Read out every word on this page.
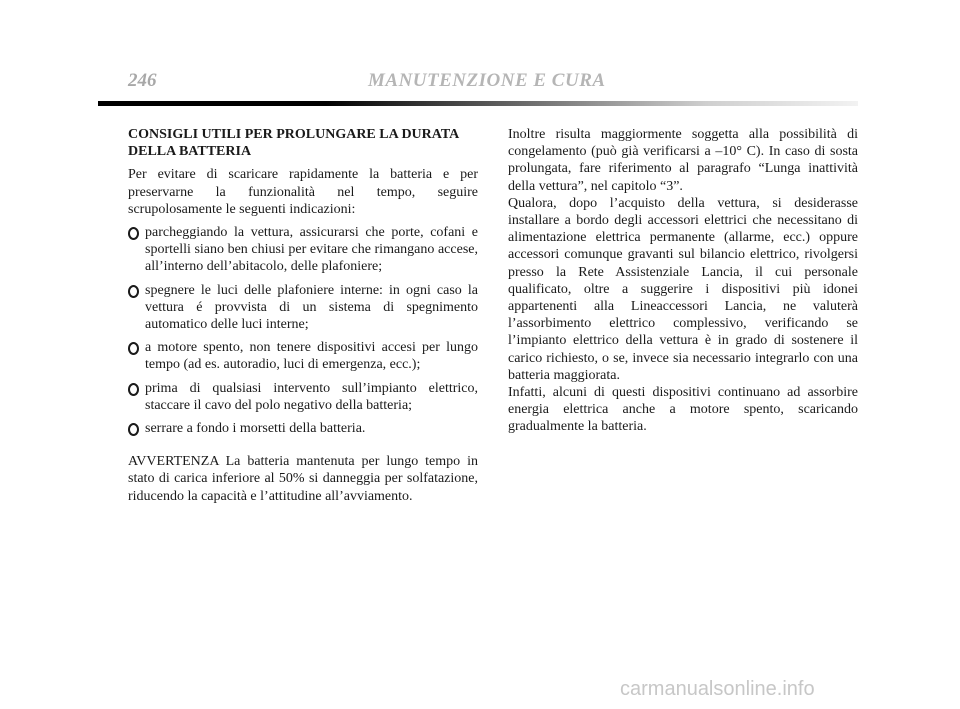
246	MANUTENZIONE E CURA
CONSIGLI UTILI PER PROLUNGARE LA DURATA DELLA BATTERIA

Per evitare di scaricare rapidamente la batteria e per preservarne la funzionalità nel tempo, seguire scrupolosamente le seguenti indicazioni:

parcheggiando la vettura, assicurarsi che porte, cofani e sportelli siano ben chiusi per evitare che rimangano accese, all’interno dell’abitacolo, delle plafoniere;
spegnere le luci delle plafoniere interne: in ogni caso la vettura é provvista di un sistema di spegnimento automatico delle luci interne;
a motore spento, non tenere dispositivi accesi per lungo tempo (ad es. autoradio, luci di emergenza, ecc.);
prima di qualsiasi intervento sull’impianto elettrico, staccare il cavo del polo negativo della batteria;
serrare a fondo i morsetti della batteria.

AVVERTENZA La batteria mantenuta per lungo tempo in stato di carica inferiore al 50% si danneggia per solfatazione, riducendo la capacità e l’attitudine all’avviamento.

Inoltre risulta maggiormente soggetta alla possibilità di congelamento (può già verificarsi a –10° C). In caso di sosta prolungata, fare riferimento al paragrafo “Lunga inattività della vettura”, nel capitolo “3”.

Qualora, dopo l’acquisto della vettura, si desiderasse installare a bordo degli accessori elettrici che necessitano di alimentazione elettrica permanente (allarme, ecc.) oppure accessori comunque gravanti sul bilancio elettrico, rivolgersi presso la Rete Assistenziale Lancia, il cui personale qualificato, oltre a suggerire i dispositivi più idonei appartenenti alla Lineaccessori Lancia, ne valuterà l’assorbimento elettrico complessivo, verificando se l’impianto elettrico della vettura è in grado di sostenere il carico richiesto, o se, invece sia necessario integrarlo con una batteria maggiorata.

Infatti, alcuni di questi dispositivi continuano ad assorbire energia elettrica anche a motore spento, scaricando gradualmente la batteria.

carmanualsonline.info
